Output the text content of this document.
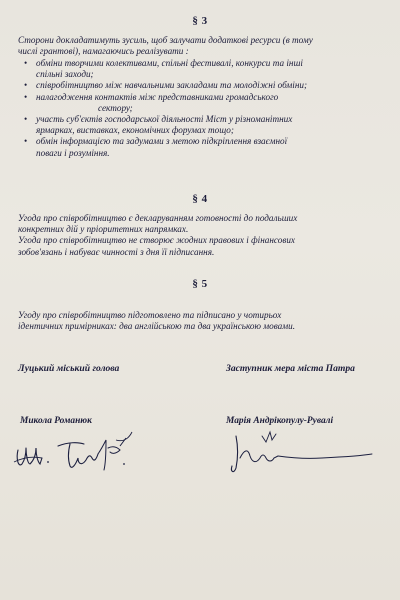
§ 3
Сторони докладатимуть зусиль, щоб залучати додаткові ресурси (в тому
числі грантові), намагаючись реалізувати :
• обміни творчими колективами, спільні фестивалі, конкурси та інші
спільні заходи;
• співробітництво між навчальними закладами та молодіжні обміни;
• налагодження контактів між представниками громадського
сектору;
• участь суб'єктів господарської діяльності Міст у різноманітних
ярмарках, виставках, економічних форумах тощо;
• обмін інформацією та задумами з метою підкріплення взаємної
поваги і розуміння.
§ 4
Угода про співробітництво є декларуванням готовності до подальших
конкретних дій у пріоритетних напрямках.
Угода про співробітництво не створює жодних правових і фінансових
зобов'язань і набуває чинності з дня її підписання.
§ 5
Угоду про співробітництво підготовлено та підписано у чотирьох
ідентичних примірниках: два англійською та два українською мовами.
Луцький міський голова	Заступник мера міста Патра
Микола Романюк	Марія Андрікопулу-Рувалі
